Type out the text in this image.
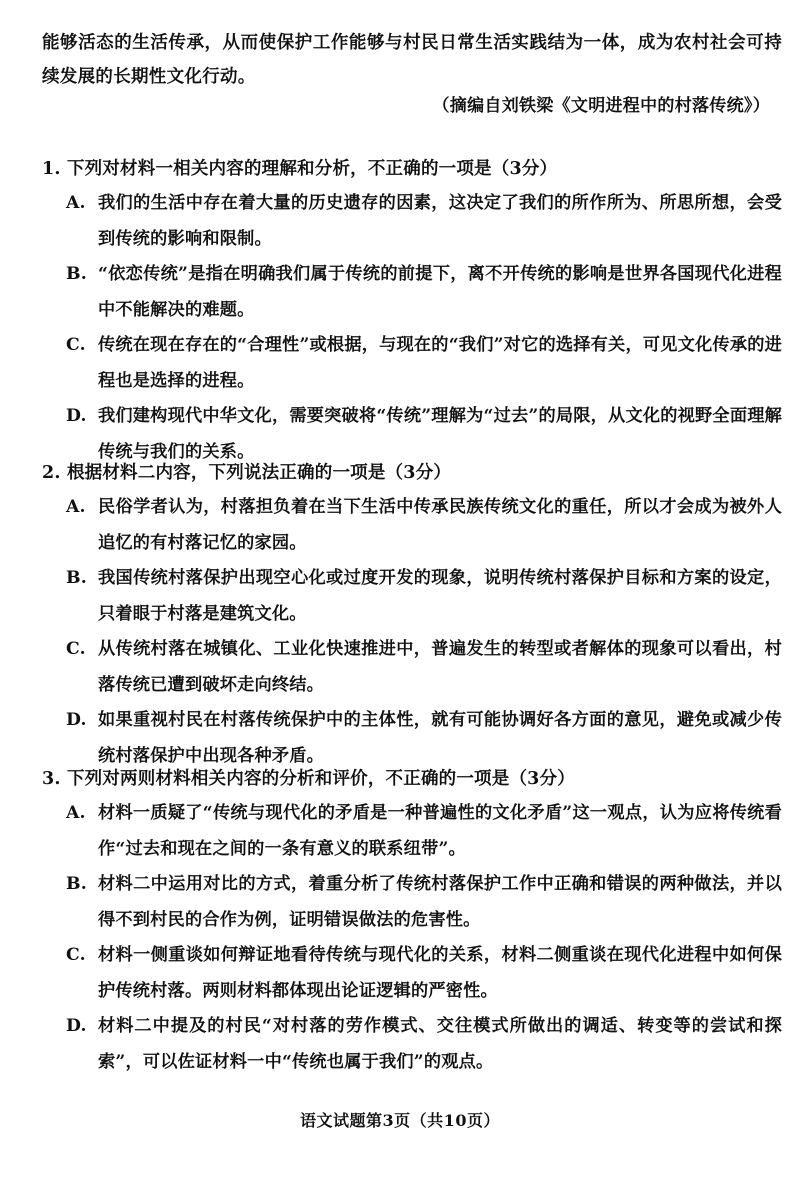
能够活态的生活传承，从而使保护工作能够与村民日常生活实践结为一体，成为农村社会可持续发展的长期性文化行动。

（摘编自刘铁梁《文明进程中的村落传统》）
1. 下列对材料一相关内容的理解和分析，不正确的一项是（3分）
A. 我们的生活中存在着大量的历史遗存的因素，这决定了我们的所作所为、所思所想，会受到传统的影响和限制。
B. “依恋传统”是指在明确我们属于传统的前提下，离不开传统的影响是世界各国现代化进程中不能解决的难题。
C. 传统在现在存在的“合理性”或根据，与现在的“我们”对它的选择有关，可见文化传承的进程也是选择的进程。
D. 我们建构现代中华文化，需要突破将“传统”理解为“过去”的局限，从文化的视野全面理解传统与我们的关系。
2. 根据材料二内容，下列说法正确的一项是（3分）
A. 民俗学者认为，村落担负着在当下生活中传承民族传统文化的重任，所以才会成为被外人追忆的有村落记忆的家园。
B. 我国传统村落保护出现空心化或过度开发的现象，说明传统村落保护目标和方案的设定，只着眼于村落是建筑文化。
C. 从传统村落在城镇化、工业化快速推进中，普遍发生的转型或者解体的现象可以看出，村落传统已遭到破坏走向终结。
D. 如果重视村民在村落传统保护中的主体性，就有可能协调好各方面的意见，避免或减少传统村落保护中出现各种矛盾。
3. 下列对两则材料相关内容的分析和评价，不正确的一项是（3分）
A. 材料一质疑了“传统与现代化的矛盾是一种普遍性的文化矛盾”这一观点，认为应将传统看作“过去和现在之间的一条有意义的联系纽带”。
B. 材料二中运用对比的方式，着重分析了传统村落保护工作中正确和错误的两种做法，并以得不到村民的合作为例，证明错误做法的危害性。
C. 材料一侧重谈如何辩证地看待传统与现代化的关系，材料二侧重谈在现代化进程中如何保护传统村落。两则材料都体现出论证逻辑的严密性。
D. 材料二中提及的村民“对村落的劳作模式、交往模式所做出的调适、转变等的尝试和探索”，可以佐证材料一中“传统也属于我们”的观点。
语文试题第3页（共10页）
